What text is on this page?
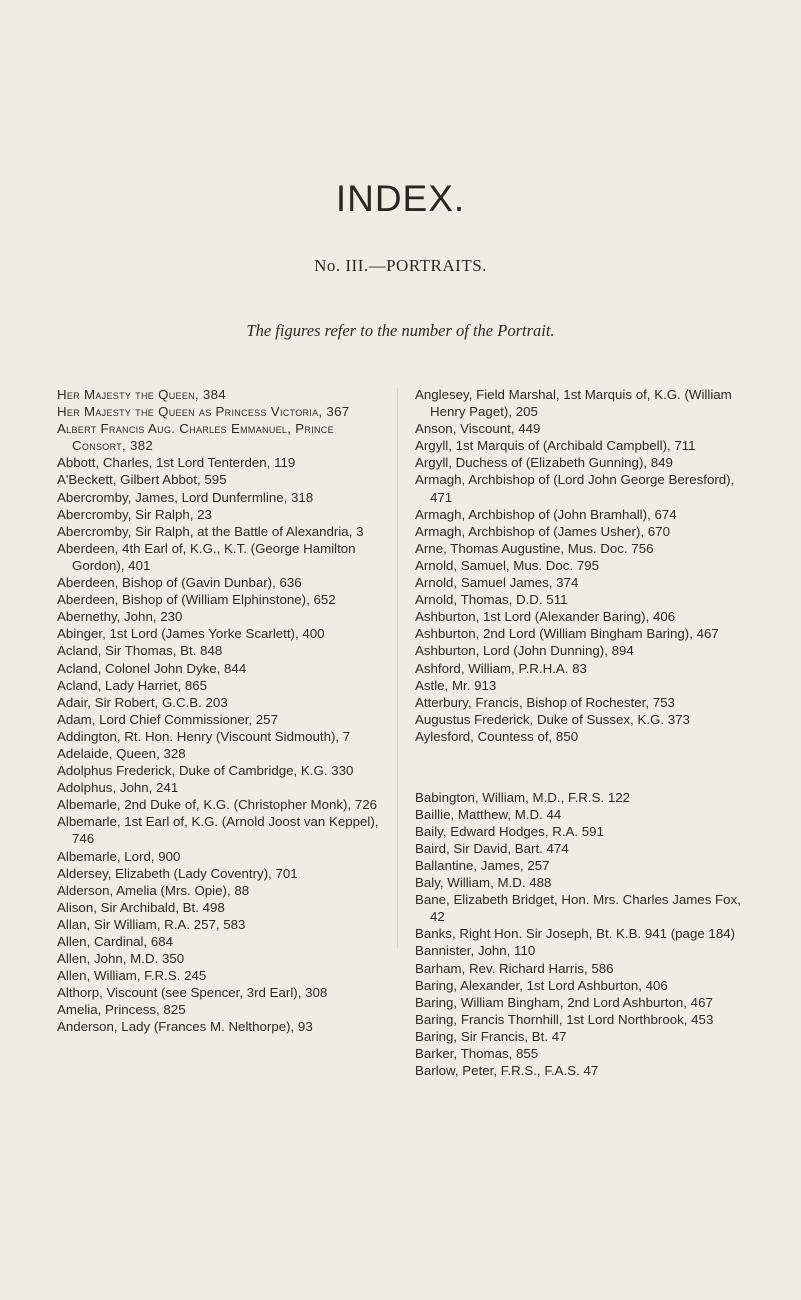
INDEX.
No. III.—PORTRAITS.
The figures refer to the number of the Portrait.

Her Majesty the Queen, 384

Her Majesty the Queen as Princess Victoria, 367

Albert Francis Aug. Charles Emmanuel, Prince Consort, 382

Abbott, Charles, 1st Lord Tenterden, 119

A'Beckett, Gilbert Abbot, 595

Abercromby, James, Lord Dunfermline, 318

Abercromby, Sir Ralph, 23

Abercromby, Sir Ralph, at the Battle of Alexandria, 3

Aberdeen, 4th Earl of, K.G., K.T. (George Hamilton Gordon), 401

Aberdeen, Bishop of (Gavin Dunbar), 636

Aberdeen, Bishop of (William Elphinstone), 652

Abernethy, John, 230

Abinger, 1st Lord (James Yorke Scarlett), 400

Acland, Sir Thomas, Bt. 848

Acland, Colonel John Dyke, 844

Acland, Lady Harriet, 865

Adair, Sir Robert, G.C.B. 203

Adam, Lord Chief Commissioner, 257

Addington, Rt. Hon. Henry (Viscount Sidmouth), 7

Adelaide, Queen, 328

Adolphus Frederick, Duke of Cambridge, K.G. 330

Adolphus, John, 241

Albemarle, 2nd Duke of, K.G. (Christopher Monk), 726

Albemarle, 1st Earl of, K.G. (Arnold Joost van Keppel), 746

Albemarle, Lord, 900

Aldersey, Elizabeth (Lady Coventry), 701

Alderson, Amelia (Mrs. Opie), 88

Alison, Sir Archibald, Bt. 498

Allan, Sir William, R.A. 257, 583

Allen, Cardinal, 684

Allen, John, M.D. 350

Allen, William, F.R.S. 245

Althorp, Viscount (see Spencer, 3rd Earl), 308

Amelia, Princess, 825

Anderson, Lady (Frances M. Nelthorpe), 93

Anglesey, Field Marshal, 1st Marquis of, K.G. (William Henry Paget), 205

Anson, Viscount, 449

Argyll, 1st Marquis of (Archibald Campbell), 711

Argyll, Duchess of (Elizabeth Gunning), 849

Armagh, Archbishop of (Lord John George Beresford), 471

Armagh, Archbishop of (John Bramhall), 674

Armagh, Archbishop of (James Usher), 670

Arne, Thomas Augustine, Mus. Doc. 756

Arnold, Samuel, Mus. Doc. 795

Arnold, Samuel James, 374

Arnold, Thomas, D.D. 511

Ashburton, 1st Lord (Alexander Baring), 406

Ashburton, 2nd Lord (William Bingham Baring), 467

Ashburton, Lord (John Dunning), 894

Ashford, William, P.R.H.A. 83

Astle, Mr. 913

Atterbury, Francis, Bishop of Rochester, 753

Augustus Frederick, Duke of Sussex, K.G. 373

Aylesford, Countess of, 850

Babington, William, M.D., F.R.S. 122

Baillie, Matthew, M.D. 44

Baily, Edward Hodges, R.A. 591

Baird, Sir David, Bart. 474

Ballantine, James, 257

Baly, William, M.D. 488

Bane, Elizabeth Bridget, Hon. Mrs. Charles James Fox, 42

Banks, Right Hon. Sir Joseph, Bt. K.B. 941 (page 184)

Bannister, John, 110

Barham, Rev. Richard Harris, 586

Baring, Alexander, 1st Lord Ashburton, 406

Baring, William Bingham, 2nd Lord Ashburton, 467

Baring, Francis Thornhill, 1st Lord Northbrook, 453

Baring, Sir Francis, Bt. 47

Barker, Thomas, 855

Barlow, Peter, F.R.S., F.A.S. 47
